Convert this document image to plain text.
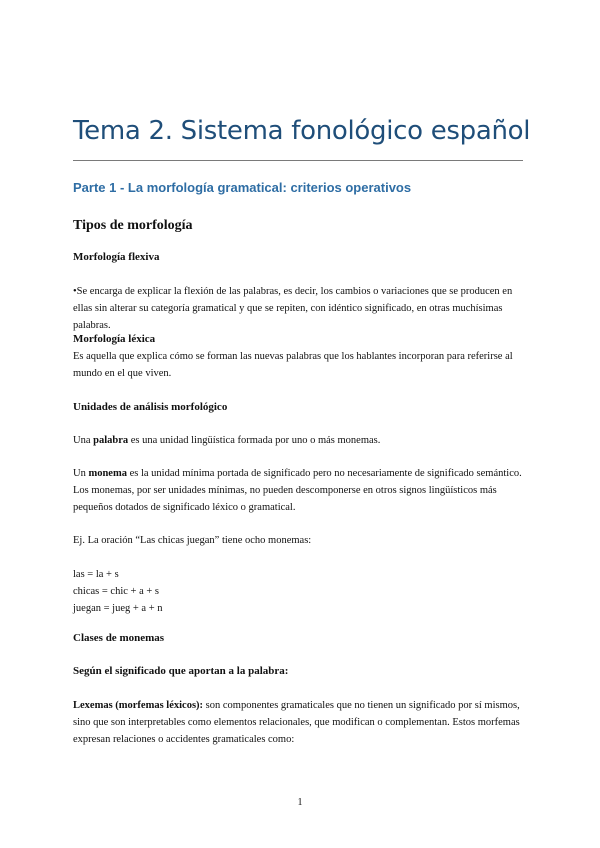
Tema 2. Sistema fonológico español
Parte 1 - La morfología gramatical: criterios operativos
Tipos de morfología
Morfología flexiva
•Se encarga de explicar la flexión de las palabras, es decir, los cambios o variaciones que se producen en ellas sin alterar su categoría gramatical y que se repiten, con idéntico significado, en otras muchísimas palabras.
Morfología léxica
Es aquella que explica cómo se forman las nuevas palabras que los hablantes incorporan para referirse al mundo en el que viven.
Unidades de análisis morfológico
Una palabra es una unidad lingüística formada por uno o más monemas.
Un monema es la unidad mínima portada de significado pero no necesariamente de significado semántico. Los monemas, por ser unidades mínimas, no pueden descomponerse en otros signos lingüísticos más pequeños dotados de significado léxico o gramatical.
Ej. La oración “Las chicas juegan” tiene ocho monemas:
las = la + s
chicas = chic + a + s
juegan = jueg + a + n
Clases de monemas
Según el significado que aportan a la palabra:
Lexemas (morfemas léxicos): son componentes gramaticales que no tienen un significado por sí mismos, sino que son interpretables como elementos relacionales, que modifican o complementan. Estos morfemas expresan relaciones o accidentes gramaticales como:
1
